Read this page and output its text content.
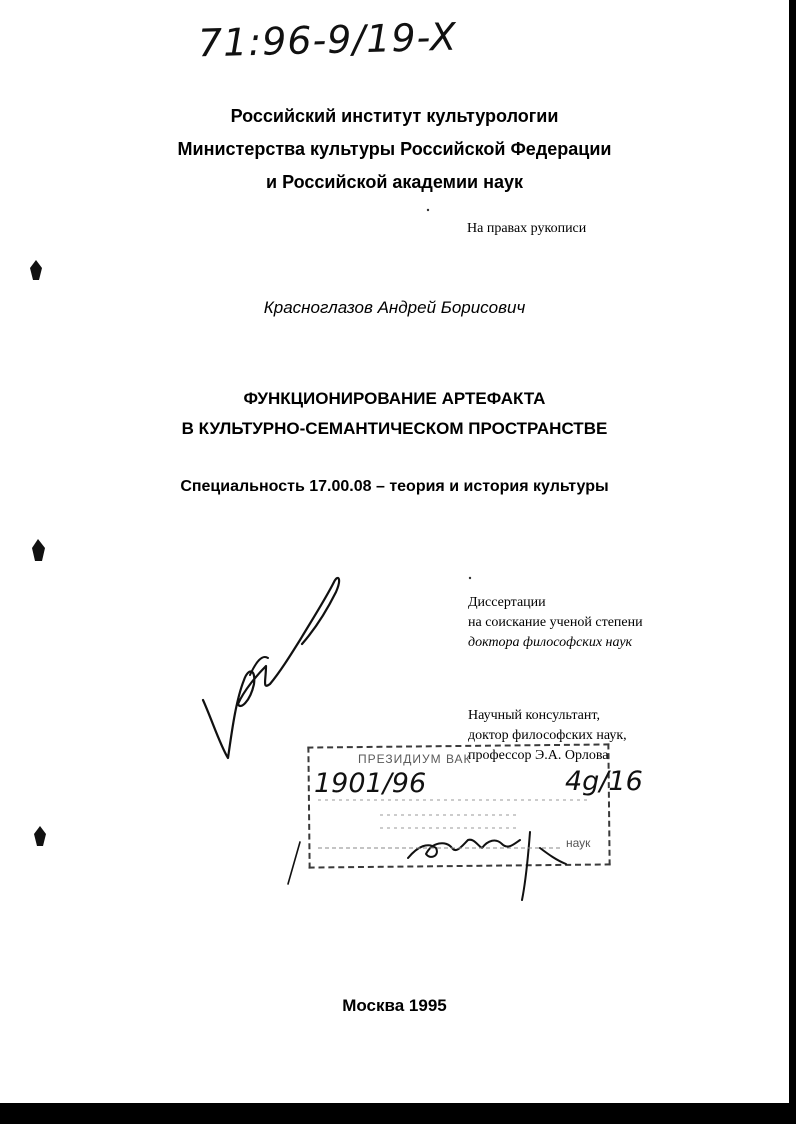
71:96-9/19-X
Российский институт культурологии
Министерства культуры Российской Федерации
и Российской академии наук
На правах рукописи
Красноглазов Андрей Борисович
ФУНКЦИОНИРОВАНИЕ АРТЕФАКТА
В КУЛЬТУРНО-СЕМАНТИЧЕСКОМ ПРОСТРАНСТВЕ
Специальность 17.00.08 – теория и история культуры
Диссертации
на соискание ученой степени
доктора философских наук
Научный консультант,
доктор философских наук,
профессор Э.А. Орлова
ПРЕЗИДИУМ ВАК
1901/96	4g/16
наук
Москва 1995
